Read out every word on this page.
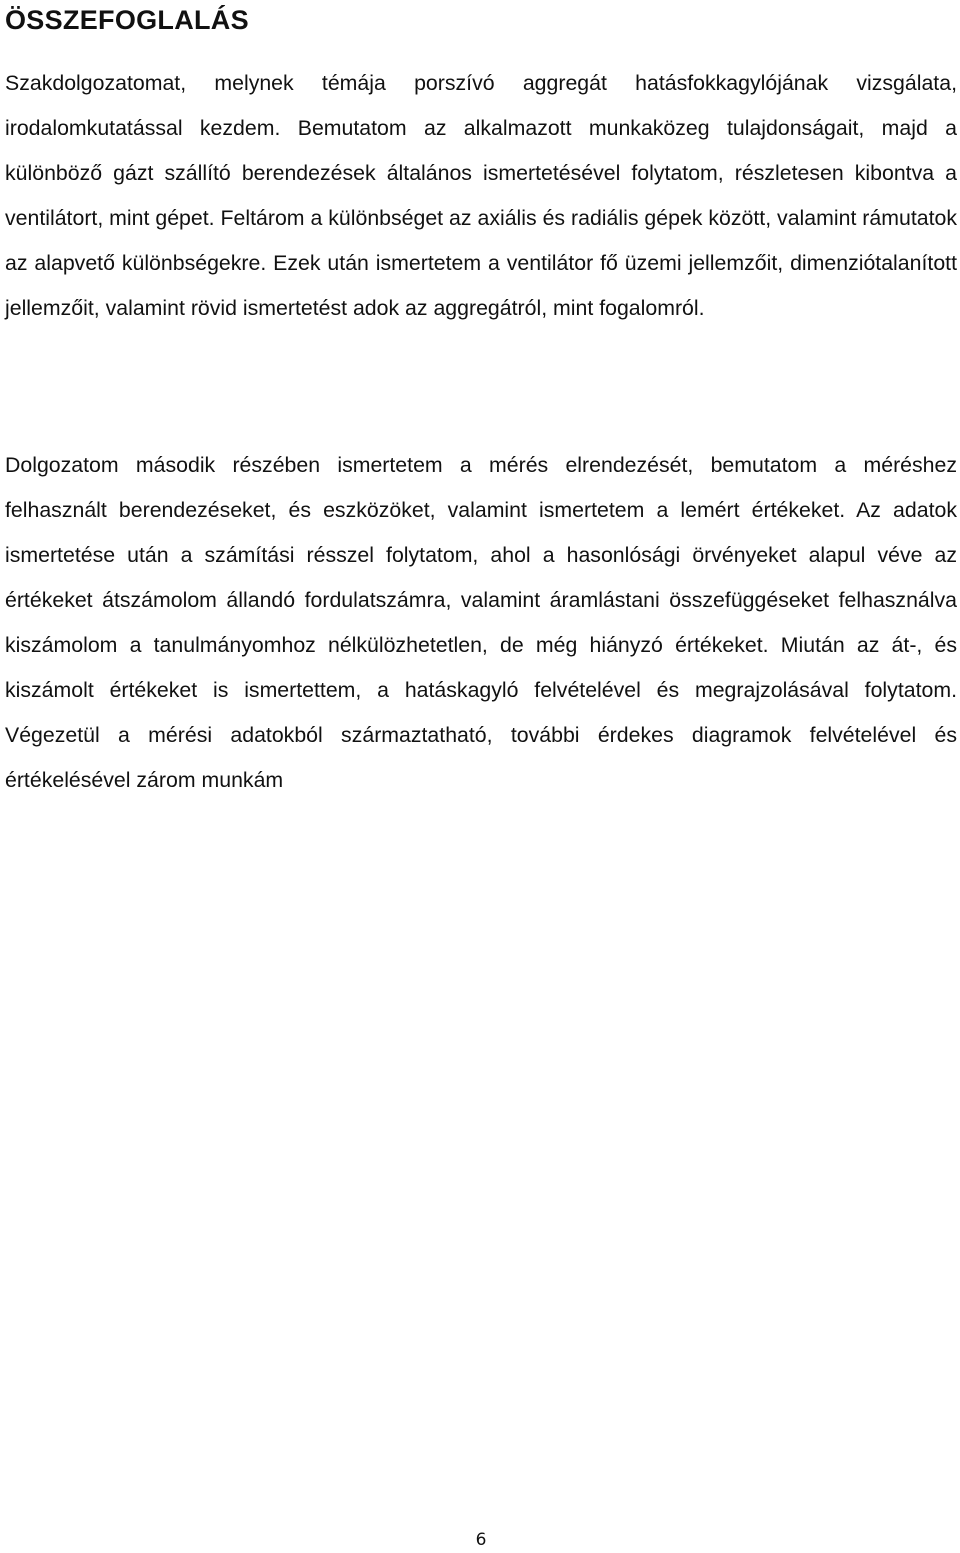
ÖSSZEFOGLALÁS

Szakdolgozatomat, melynek témája porszívó aggregát hatásfokkagylójának vizsgálata, irodalomkutatással kezdem. Bemutatom az alkalmazott munkaközeg tulajdonságait, majd a különböző gázt szállító berendezések általános ismertetésével folytatom, részletesen kibontva a ventilátort, mint gépet. Feltárom a különbséget az axiális és radiális gépek között, valamint rámutatok az alapvető különbségekre. Ezek után ismertetem a ventilátor fő üzemi jellemzőit, dimenziótalanított jellemzőit, valamint rövid ismertetést adok az aggregátról, mint fogalomról.

Dolgozatom második részében ismertetem a mérés elrendezését, bemutatom a méréshez felhasznált berendezéseket, és eszközöket, valamint ismertetem a lemért értékeket. Az adatok ismertetése után a számítási résszel folytatom, ahol a hasonlósági örvényeket alapul véve az értékeket átszámolom állandó fordulatszámra, valamint áramlástani összefüggéseket felhasználva kiszámolom a tanulmányomhoz nélkülözhetetlen, de még hiányzó értékeket. Miután az át-, és kiszámolt értékeket is ismertettem, a hatáskagyló felvételével és megrajzolásával folytatom. Végezetül a mérési adatokból származtatható, további érdekes diagramok felvételével és értékelésével zárom munkám

6
